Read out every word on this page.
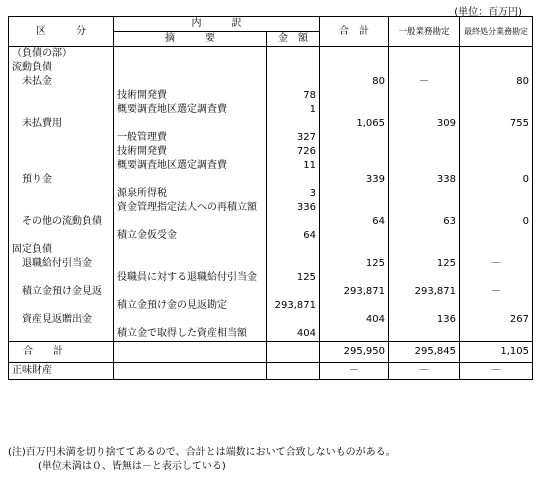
(単位：百万円)
区　　　分	内　　　訳		合　計	一般業務勘定	最終処分業務勘定
	摘　　　要	金　額			
（負債の部）					
流動負債					
　未払金			80	－	80
	技術開発費	78			
	概要調査地区選定調査費	1			
　未払費用			1,065	309	755
	一般管理費	327			
	技術開発費	726			
	概要調査地区選定調査費	11			
　預り金			339	338	0
	源泉所得税	3			
	資金管理指定法人への再積立額	336			
　その他の流動負債			64	63	0
	積立金仮受金	64			
固定負債					
　退職給付引当金			125	125	－
	役職員に対する退職給付引当金	125			
　積立金預け金見返			293,871	293,871	－
	積立金預け金の見返勘定	293,871			
　資産見返贈出金			404	136	267
	積立金で取得した資産相当額	404			
合　　計			295,950	295,845	1,105
正味財産			－	－	－
(注)百万円未満を切り捨ててあるので、合計とは端数において合致しないものがある。
(単位未満は０、皆無は－と表示している)
